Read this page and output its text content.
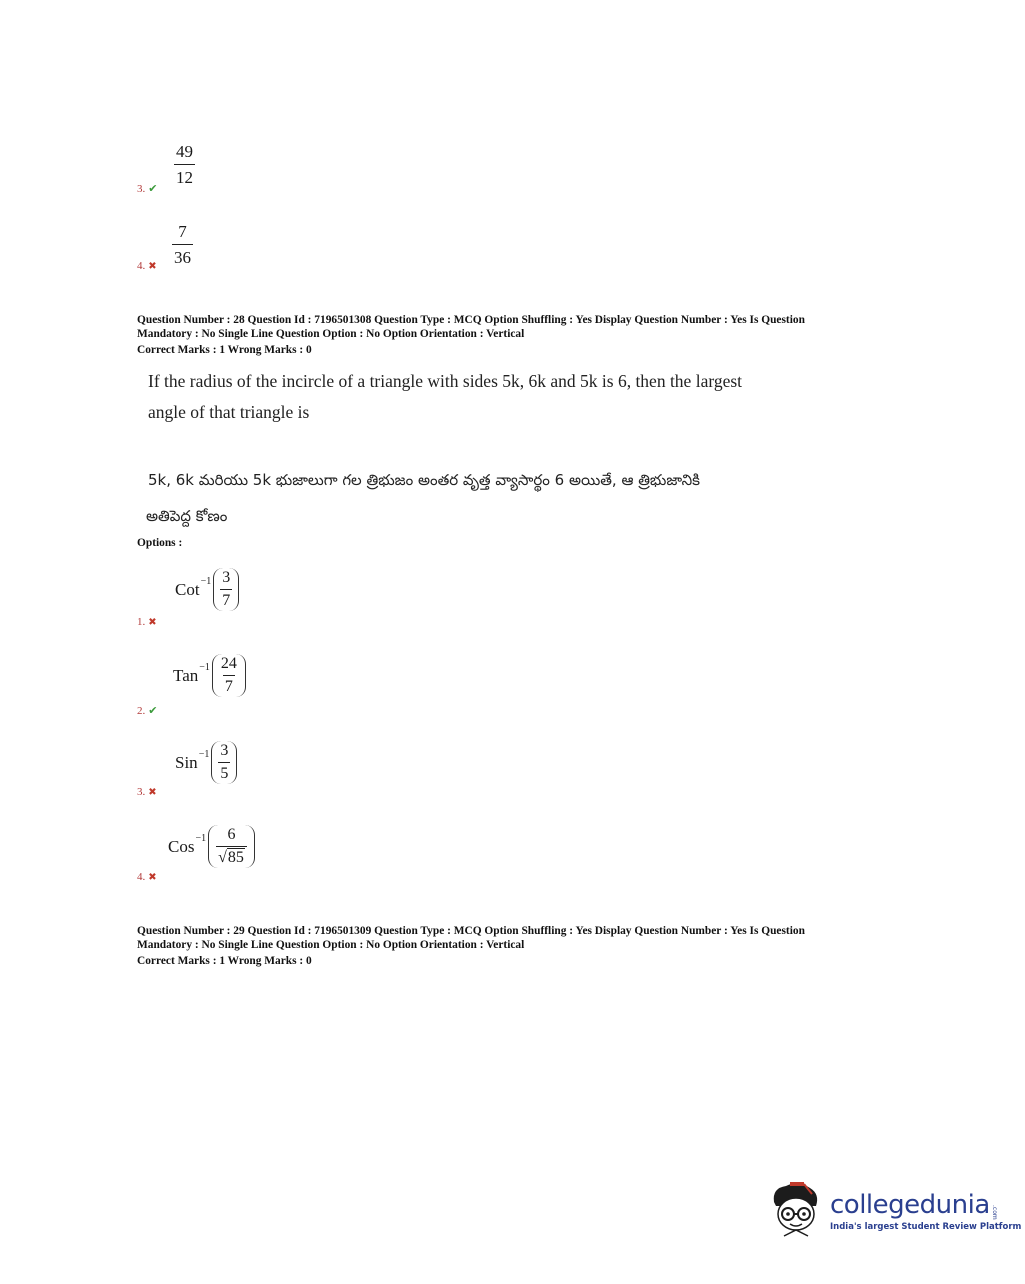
$\frac{49}{12}$
3. ✔
$\frac{7}{36}$
4. ✖
Question Number : 28 Question Id : 7196501308 Question Type : MCQ Option Shuffling : Yes Display Question Number : Yes Is Question
Mandatory : No Single Line Question Option : No Option Orientation : Vertical
Correct Marks : 1 Wrong Marks : 0
If the radius of the incircle of a triangle with sides 5k, 6k and 5k is 6, then the largest
angle of that triangle is
5k, 6k మరియు 5k భుజాలుగా గల త్రిభుజం అంతర వృత్త వ్యాసార్థం 6 అయితే, ఆ త్రిభుజానికి
అతిపెద్ద కోణం
Options :
$Cot^{-1} \frac{3}{7}$
1. ✖
$Tan^{-1} \frac{24}{7}$
2. ✔
$Sin^{-1} \frac{3}{5}$
3. ✖
$Cos^{-1} \frac{6}{√85}$
4. ✖
Question Number : 29 Question Id : 7196501309 Question Type : MCQ Option Shuffling : Yes Display Question Number : Yes Is Question
Mandatory : No Single Line Question Option : No Option Orientation : Vertical
Correct Marks : 1 Wrong Marks : 0
collegedunia .com
India's largest Student Review Platform
